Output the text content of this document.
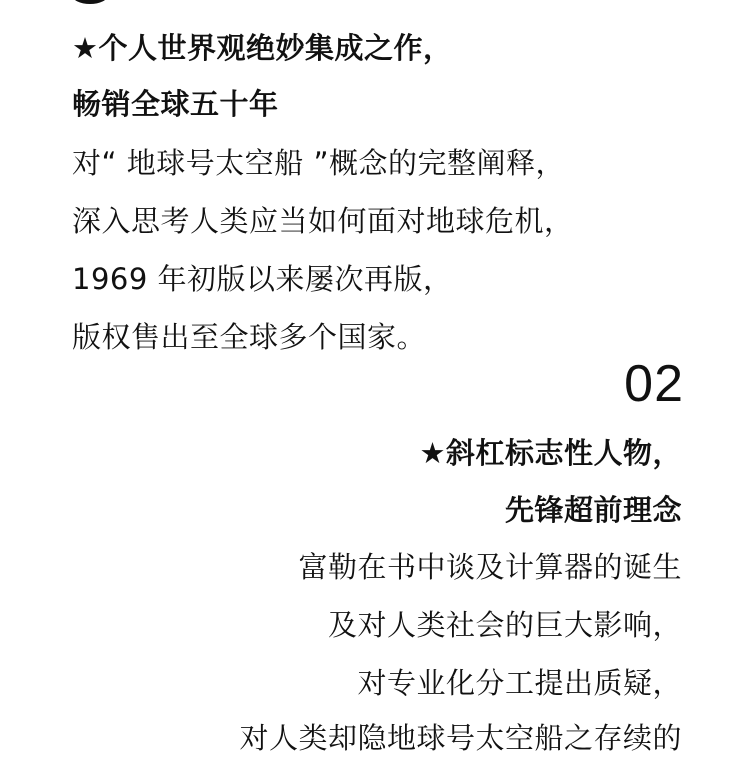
★个人世界观绝妙集成之作，
畅销全球五十年
对“ 地球号太空船 ”概念的完整阐释，
深入思考人类应当如何面对地球危机，
1969 年初版以来屡次再版，
版权售出至全球多个国家。
02
★斜杠标志性人物，
先锋超前理念
富勒在书中谈及计算器的诞生
及对人类社会的巨大影响，
对专业化分工提出质疑，
对人类却隐地球号太空船之存续的
